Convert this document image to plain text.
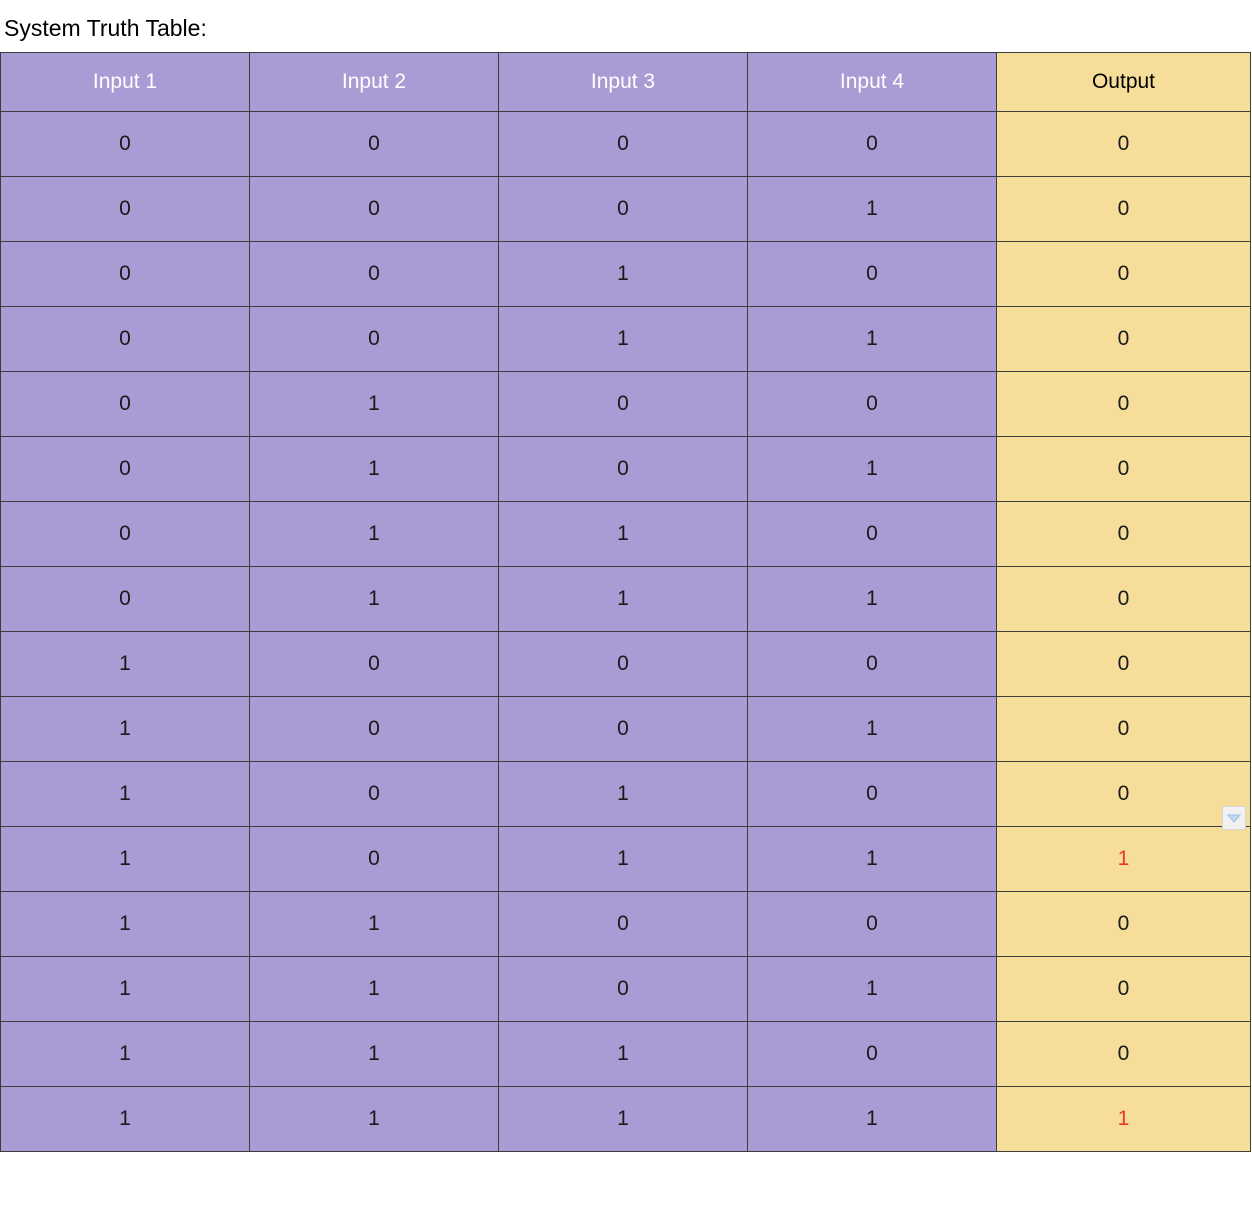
System Truth Table:
Input 1	Input 2	Input 3	Input 4	Output
0	0	0	0	0
0	0	0	1	0
0	0	1	0	0
0	0	1	1	0
0	1	0	0	0
0	1	0	1	0
0	1	1	0	0
0	1	1	1	0
1	0	0	0	0
1	0	0	1	0
1	0	1	0	0
1	0	1	1	1
1	1	0	0	0
1	1	0	1	0
1	1	1	0	0
1	1	1	1	1
